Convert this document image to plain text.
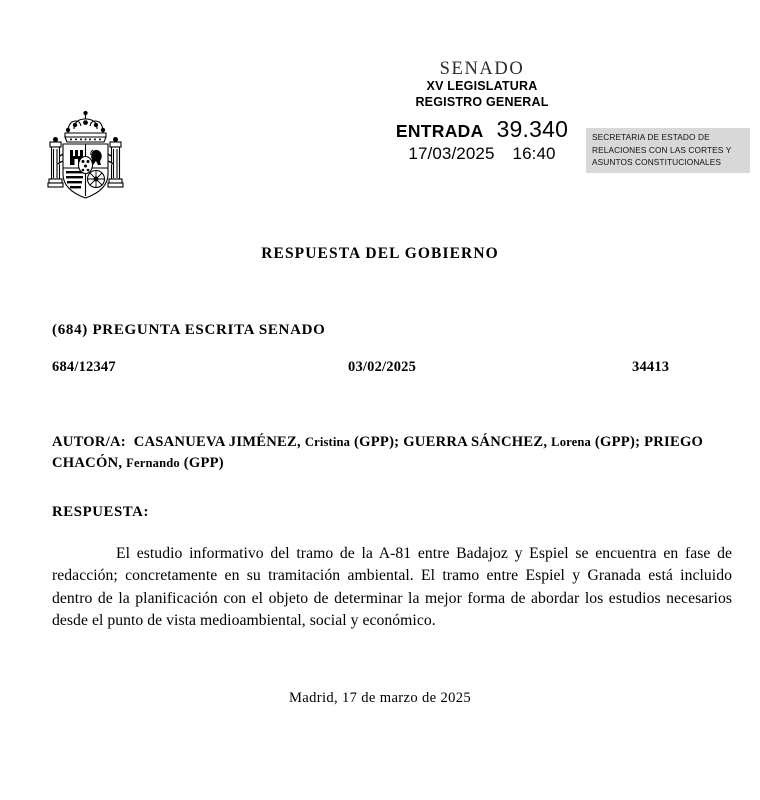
SENADO
XV LEGISLATURA
REGISTRO GENERAL
ENTRADA 39.340
17/03/2025 16:40
SECRETARIA DE ESTADO DE
RELACIONES CON LAS CORTES Y
ASUNTOS CONSTITUCIONALES
RESPUESTA DEL GOBIERNO
(684) PREGUNTA ESCRITA SENADO
684/12347	03/02/2025	34413
AUTOR/A: CASANUEVA JIMÉNEZ, Cristina (GPP); GUERRA SÁNCHEZ, Lorena (GPP); PRIEGO CHACÓN, Fernando (GPP)
RESPUESTA:
El estudio informativo del tramo de la A-81 entre Badajoz y Espiel se encuentra en fase de redacción; concretamente en su tramitación ambiental. El tramo entre Espiel y Granada está incluido dentro de la planificación con el objeto de determinar la mejor forma de abordar los estudios necesarios desde el punto de vista medioambiental, social y económico.
Madrid, 17 de marzo de 2025
